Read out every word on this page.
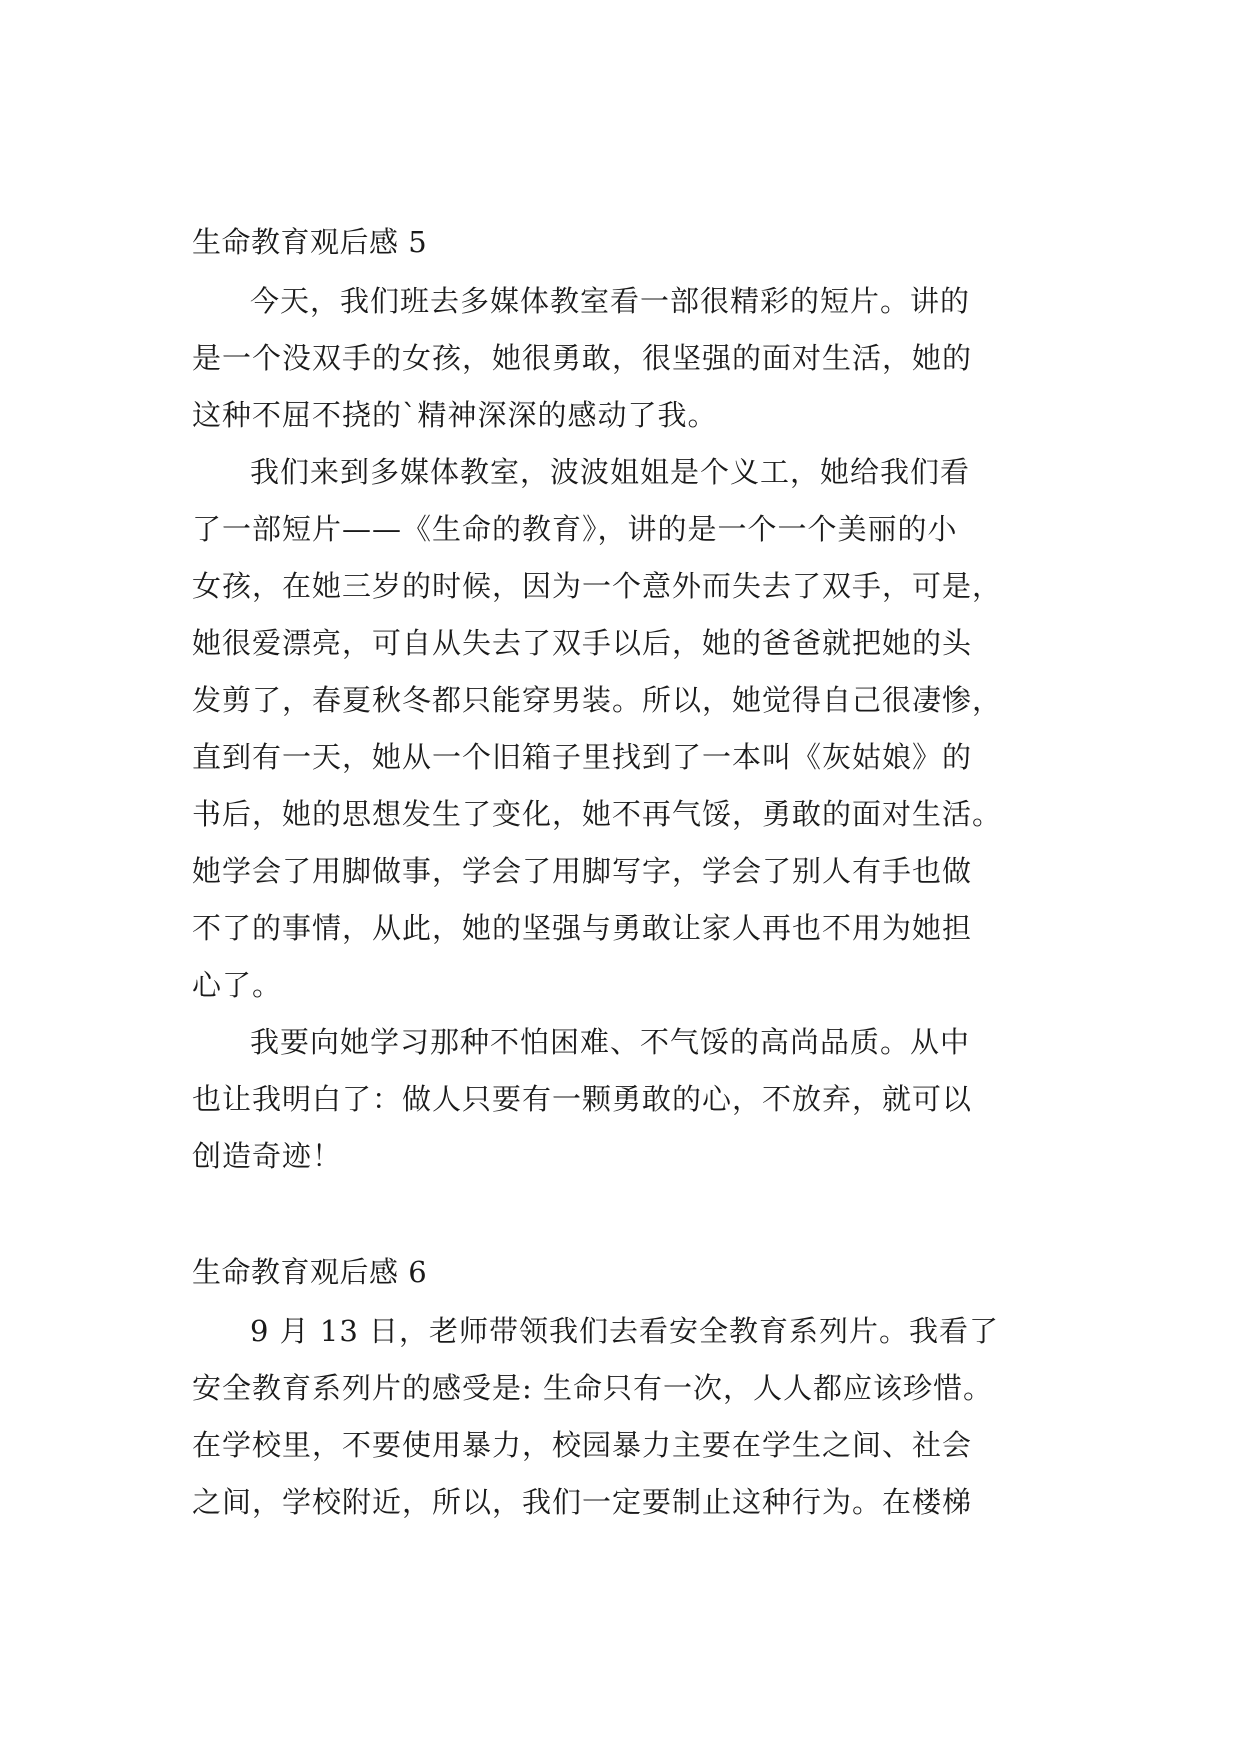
生命教育观后感 5

今天，我们班去多媒体教室看一部很精彩的短片。讲的

是一个没双手的女孩，她很勇敢，很坚强的面对生活，她的

这种不屈不挠的`精神深深的感动了我。

我们来到多媒体教室，波波姐姐是个义工，她给我们看

了一部短片——《生命的教育》，讲的是一个一个美丽的小

女孩，在她三岁的时候，因为一个意外而失去了双手，可是，

她很爱漂亮，可自从失去了双手以后，她的爸爸就把她的头

发剪了，春夏秋冬都只能穿男装。所以，她觉得自己很凄惨，

直到有一天，她从一个旧箱子里找到了一本叫《灰姑娘》的

书后，她的思想发生了变化，她不再气馁，勇敢的面对生活。

她学会了用脚做事，学会了用脚写字，学会了别人有手也做

不了的事情，从此，她的坚强与勇敢让家人再也不用为她担

心了。

我要向她学习那种不怕困难、不气馁的高尚品质。从中

也让我明白了：做人只要有一颗勇敢的心，不放弃，就可以

创造奇迹！

生命教育观后感 6

9 月 13 日，老师带领我们去看安全教育系列片。我看了

安全教育系列片的感受是: 生命只有一次，人人都应该珍惜。

在学校里，不要使用暴力，校园暴力主要在学生之间、社会

之间，学校附近，所以，我们一定要制止这种行为。在楼梯
